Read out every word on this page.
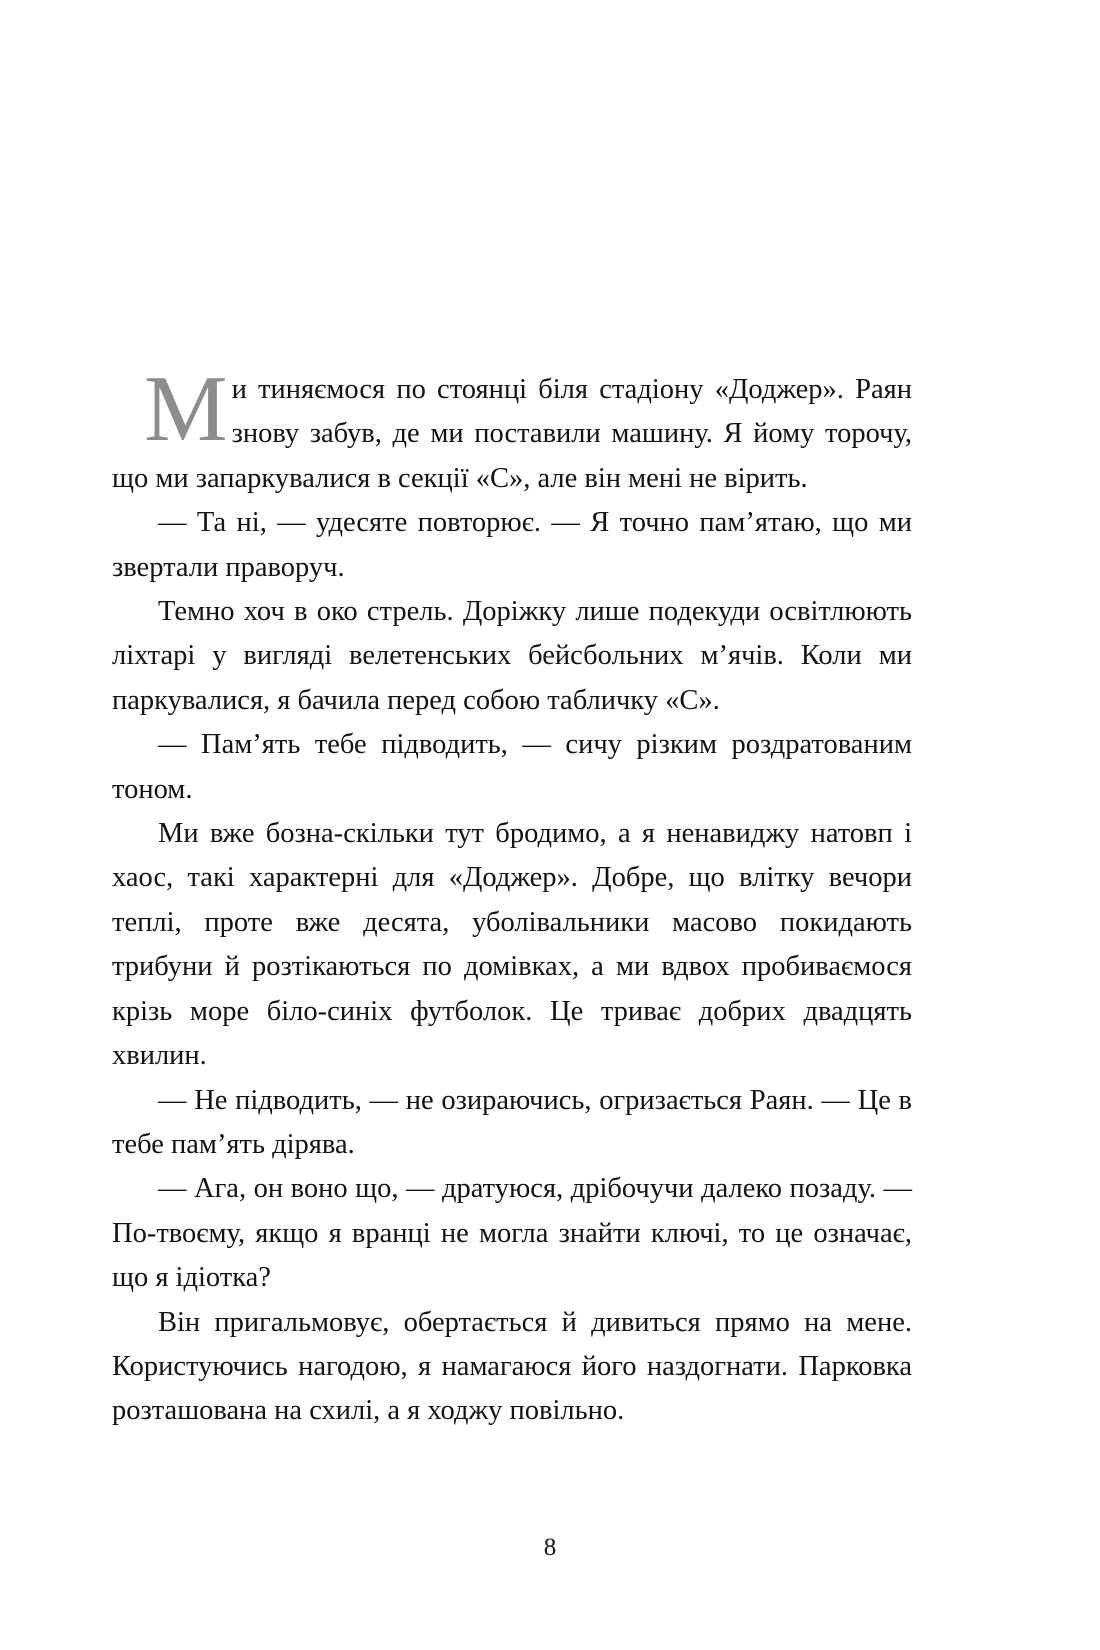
Ми тиняємося по стоянці біля стадіону «Доджер». Раян знову забув, де ми поставили машину. Я йому торочу, що ми запаркувалися в секції «C», але він мені не вірить.

— Та ні, — удесяте повторює. — Я точно пам’ятаю, що ми звертали праворуч.

Темно хоч в око стрель. Доріжку лише подекуди освітлюють ліхтарі у вигляді велетенських бейсбольних м’ячів. Коли ми паркувалися, я бачила перед собою табличку «C».

— Пам’ять тебе підводить, — сичу різким роздратованим тоном.

Ми вже бозна-скільки тут бродимо, а я ненавиджу натовп і хаос, такі характерні для «Доджер». Добре, що влітку вечори теплі, проте вже десята, уболівальники масово покидають трибуни й розтікаються по домівках, а ми вдвох пробиваємося крізь море біло-синіх футболок. Це триває добрих двадцять хвилин.

— Не підводить, — не озираючись, огризається Раян. — Це в тебе пам’ять дірява.

— Ага, он воно що, — дратуюся, дрібочучи далеко позаду. — По-твоєму, якщо я вранці не могла знайти ключі, то це означає, що я ідіотка?

Він пригальмовує, обертається й дивиться прямо на мене. Користуючись нагодою, я намагаюся його наздогнати. Парковка розташована на схилі, а я ходжу повільно.

8
